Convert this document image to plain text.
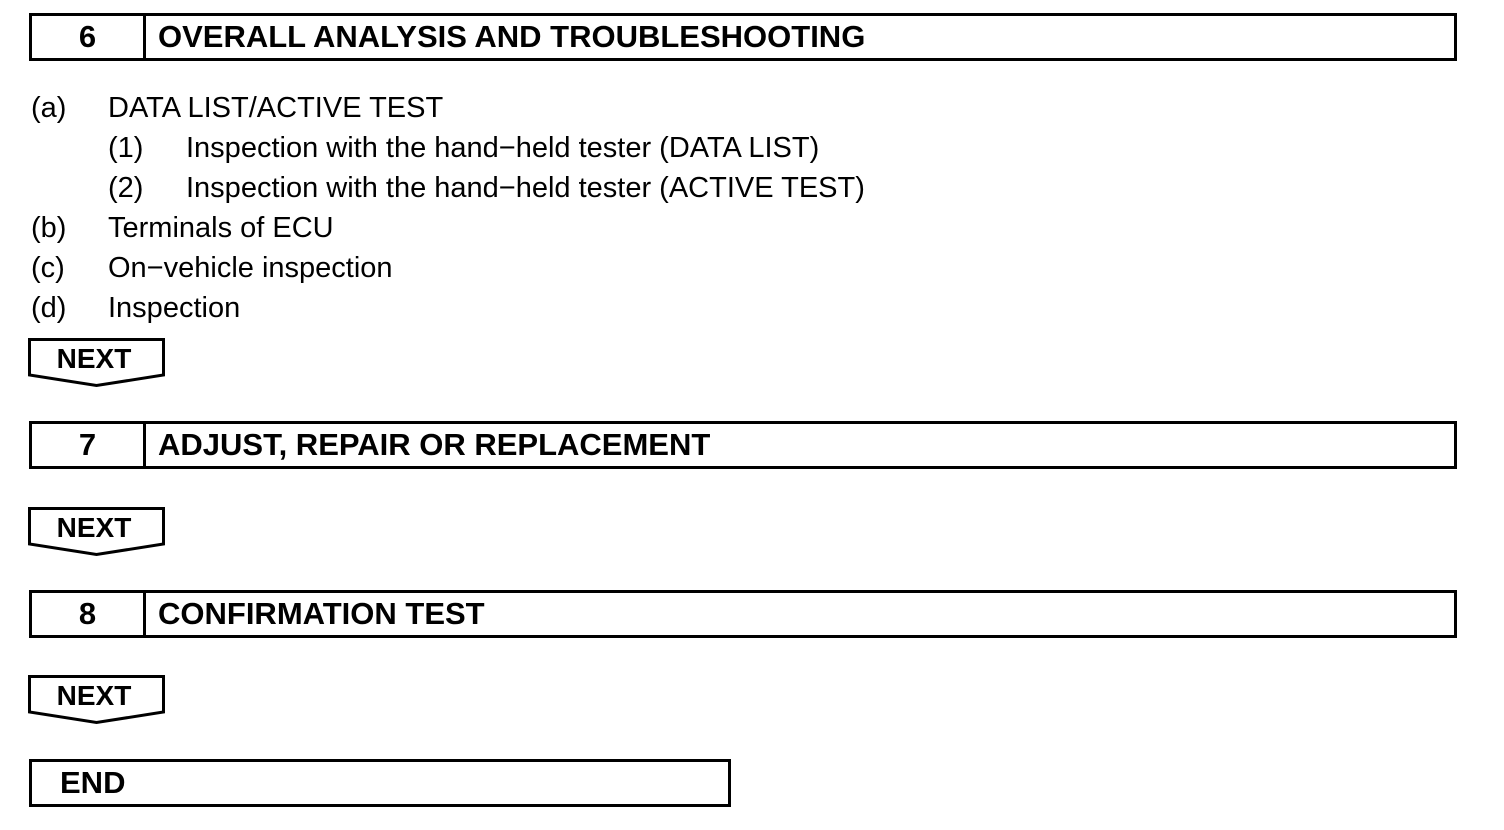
6	OVERALL ANALYSIS AND TROUBLESHOOTING
(a) DATA LIST/ACTIVE TEST
(1) Inspection with the hand−held tester (DATA LIST)
(2) Inspection with the hand−held tester (ACTIVE TEST)
(b) Terminals of ECU
(c) On−vehicle inspection
(d) Inspection
NEXT
7	ADJUST, REPAIR OR REPLACEMENT
NEXT
8	CONFIRMATION TEST
NEXT
END
